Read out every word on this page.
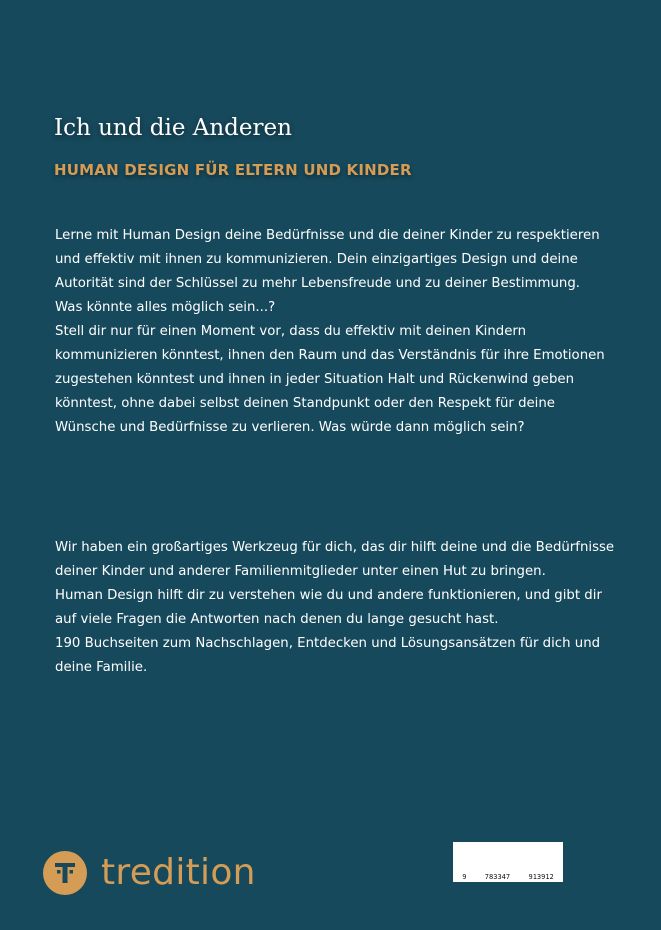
Ich und die Anderen
HUMAN DESIGN FÜR ELTERN UND KINDER

Lerne mit Human Design deine Bedürfnisse und die deiner Kinder zu respektieren und effektiv mit ihnen zu kommunizieren. Dein einzigartiges Design und deine Autorität sind der Schlüssel zu mehr Lebensfreude und zu deiner Bestimmung.
Was könnte alles möglich sein...?
Stell dir nur für einen Moment vor, dass du effektiv mit deinen Kindern kommunizieren könntest, ihnen den Raum und das Verständnis für ihre Emotionen zugestehen könntest und ihnen in jeder Situation Halt und Rückenwind geben könntest, ohne dabei selbst deinen Standpunkt oder den Respekt für deine Wünsche und Bedürfnisse zu verlieren. Was würde dann möglich sein?

Wir haben ein großartiges Werkzeug für dich, das dir hilft deine und die Bedürfnisse deiner Kinder und anderer Familienmitglieder unter einen Hut zu bringen.
Human Design hilft dir zu verstehen wie du und andere funktionieren, und gibt dir auf viele Fragen die Antworten nach denen du lange gesucht hast.
190 Buchseiten zum Nachschlagen, Entdecken und Lösungsansätzen für dich und deine Familie.

tredition	9	783347	913912
